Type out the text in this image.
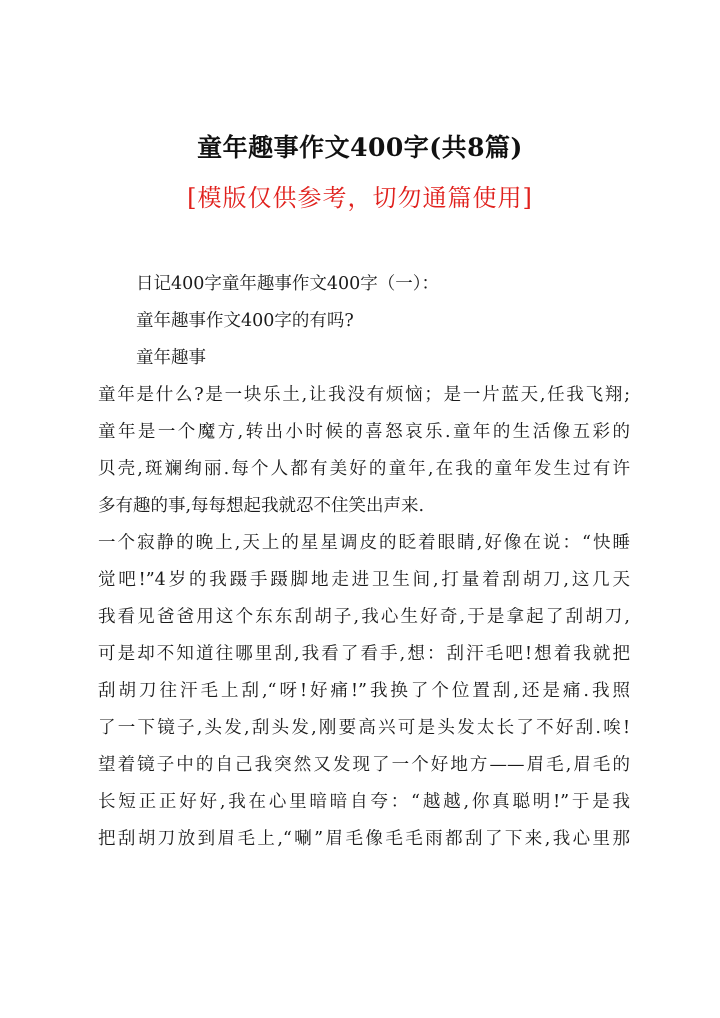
童年趣事作文400字(共8篇)
[模版仅供参考，切勿通篇使用]
日记400字童年趣事作文400字（一）：
童年趣事作文400字的有吗?
童年趣事
童年是什么?是一块乐土,让我没有烦恼；是一片蓝天,任我飞翔;
童年是一个魔方,转出小时候的喜怒哀乐.童年的生活像五彩的
贝壳,斑斓绚丽.每个人都有美好的童年,在我的童年发生过有许
多有趣的事,每每想起我就忍不住笑出声来.
一个寂静的晚上,天上的星星调皮的眨着眼睛,好像在说：“快睡
觉吧!”4岁的我蹑手蹑脚地走进卫生间,打量着刮胡刀,这几天
我看见爸爸用这个东东刮胡子,我心生好奇,于是拿起了刮胡刀,
可是却不知道往哪里刮,我看了看手,想：刮汗毛吧!想着我就把
刮胡刀往汗毛上刮,“呀!好痛!”我换了个位置刮,还是痛.我照
了一下镜子,头发,刮头发,刚要高兴可是头发太长了不好刮.唉!
望着镜子中的自己我突然又发现了一个好地方——眉毛,眉毛的
长短正正好好,我在心里暗暗自夸：“越越,你真聪明!”于是我
把刮胡刀放到眉毛上,“唰”眉毛像毛毛雨都刮了下来,我心里那
